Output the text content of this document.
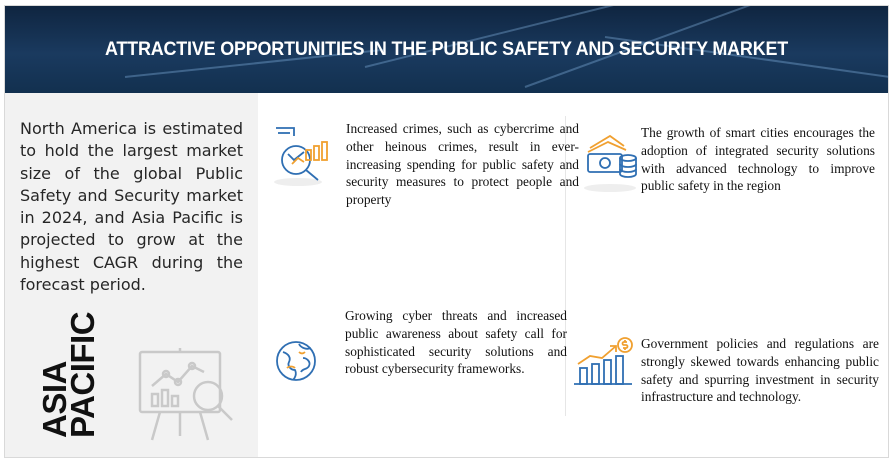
ATTRACTIVE OPPORTUNITIES IN THE PUBLIC SAFETY AND SECURITY MARKET
North America is estimated to hold the largest market size of the global Public Safety and Security market in 2024, and Asia Pacific is projected to grow at the highest CAGR during the forecast period.
ASIA PACIFIC
Increased crimes, such as cybercrime and other heinous crimes, result in ever-increasing spending for public safety and security measures to protect people and property
The growth of smart cities encourages the adoption of integrated security solutions with advanced technology to improve public safety in the region
Growing cyber threats and increased public awareness about safety call for sophisticated security solutions and robust cybersecurity frameworks.
Government policies and regulations are strongly skewed towards enhancing public safety and spurring investment in security infrastructure and technology.
